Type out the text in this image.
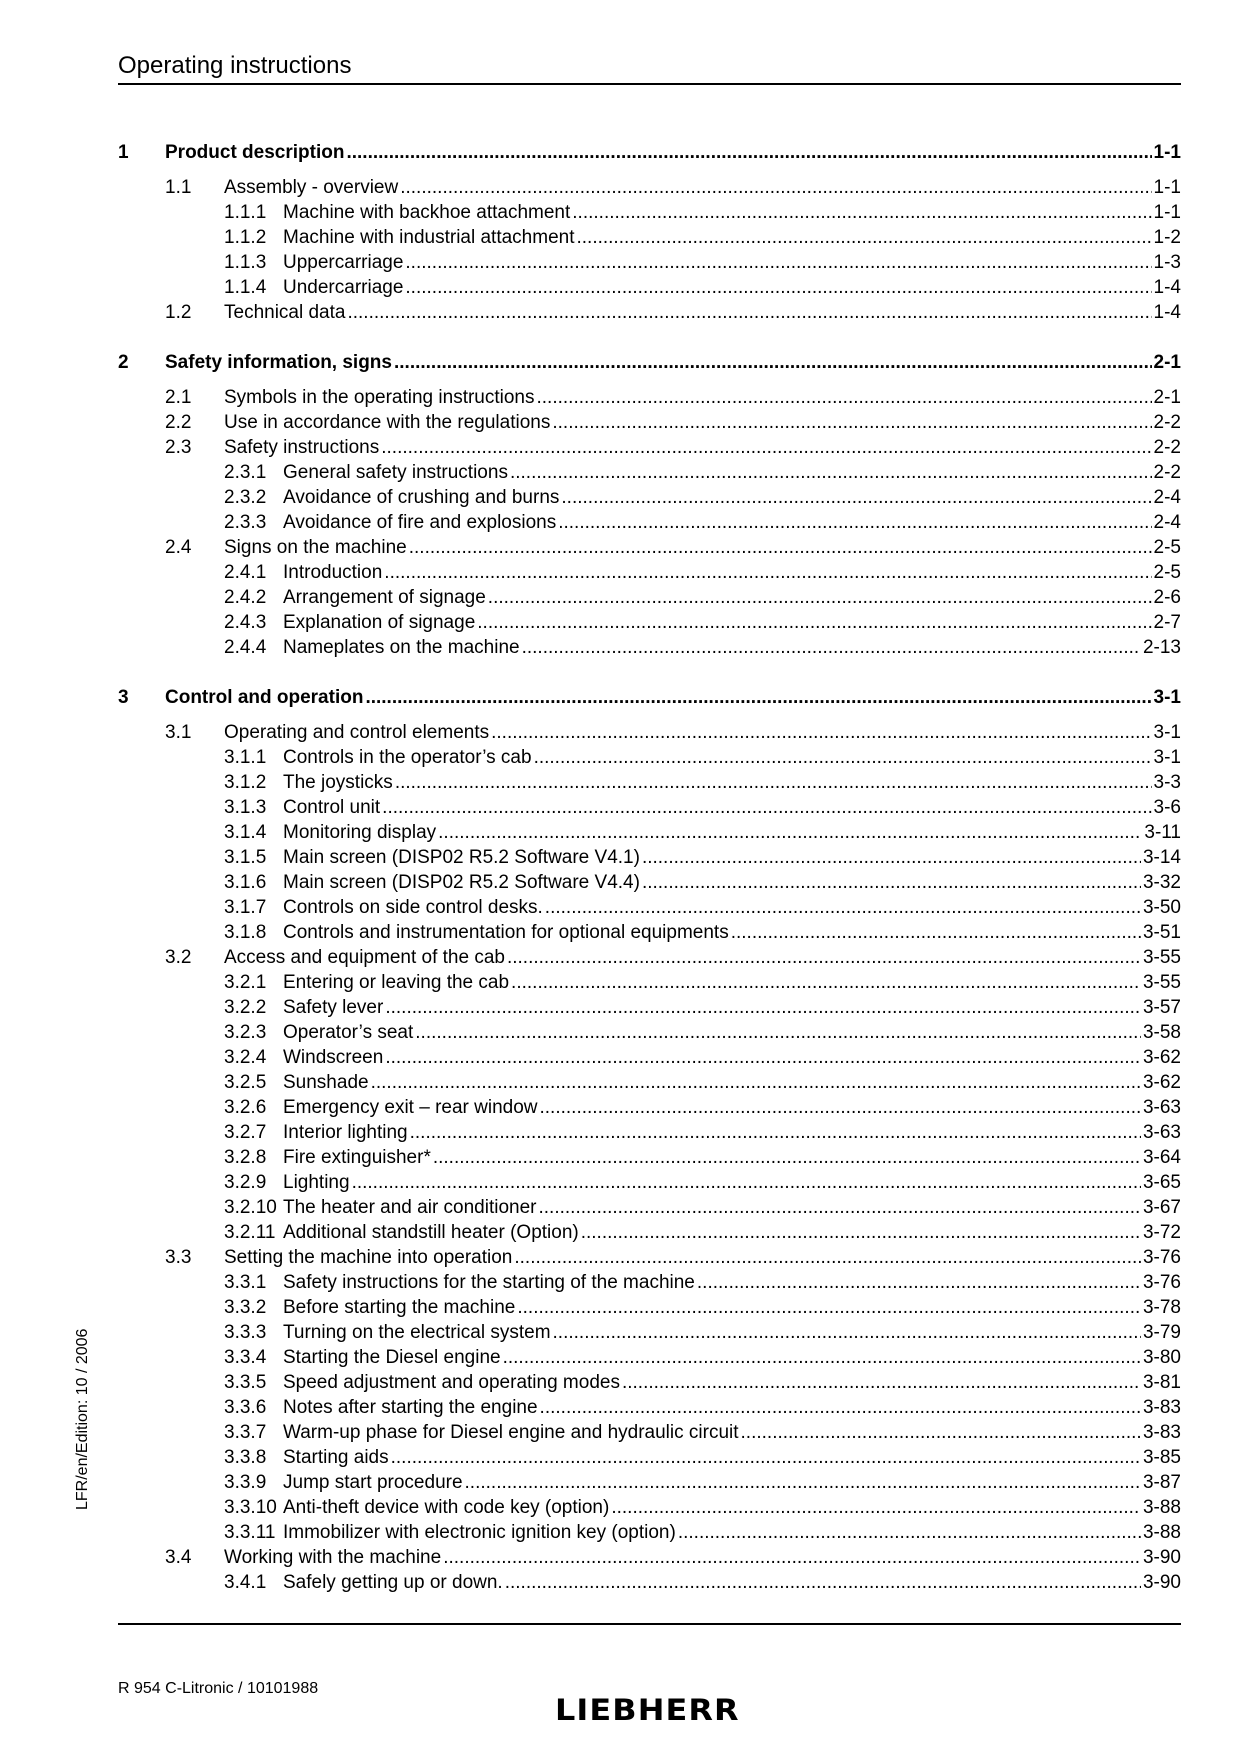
Operating instructions
1	Product description .....	1-1
1.1	Assembly - overview .....	1-1
1.1.1 Machine with backhoe attachment .....	1-1
1.1.2 Machine with industrial attachment .....	1-2
1.1.3 Uppercarriage .....	1-3
1.1.4 Undercarriage .....	1-4
1.2	Technical data .....	1-4
2	Safety information, signs .....	2-1
2.1	Symbols in the operating instructions .....	2-1
2.2	Use in accordance with the regulations .....	2-2
2.3	Safety instructions .....	2-2
2.3.1 General safety instructions .....	2-2
2.3.2 Avoidance of crushing and burns .....	2-4
2.3.3 Avoidance of fire and explosions .....	2-4
2.4	Signs on the machine .....	2-5
2.4.1 Introduction .....	2-5
2.4.2 Arrangement of signage .....	2-6
2.4.3 Explanation of signage .....	2-7
2.4.4 Nameplates on the machine .....	2-13
3	Control and operation .....	3-1
3.1	Operating and control elements .....	3-1
3.1.1 Controls in the operator’s cab .....	3-1
3.1.2 The joysticks .....	3-3
3.1.3 Control unit .....	3-6
3.1.4 Monitoring display .....	3-11
3.1.5 Main screen (DISP02 R5.2 Software V4.1) .....	3-14
3.1.6 Main screen (DISP02 R5.2 Software V4.4) .....	3-32
3.1.7 Controls on side control desks. .....	3-50
3.1.8 Controls and instrumentation for optional equipments .....	3-51
3.2	Access and equipment of the cab .....	3-55
3.2.1 Entering or leaving the cab .....	3-55
3.2.2 Safety lever .....	3-57
3.2.3 Operator’s seat .....	3-58
3.2.4 Windscreen .....	3-62
3.2.5 Sunshade .....	3-62
3.2.6 Emergency exit – rear window .....	3-63
3.2.7 Interior lighting .....	3-63
3.2.8 Fire extinguisher* .....	3-64
3.2.9 Lighting .....	3-65
3.2.10 The heater and air conditioner .....	3-67
3.2.11 Additional standstill heater (Option) .....	3-72
3.3	Setting the machine into operation .....	3-76
3.3.1 Safety instructions for the starting of the machine .....	3-76
3.3.2 Before starting the machine .....	3-78
3.3.3 Turning on the electrical system .....	3-79
3.3.4 Starting the Diesel engine .....	3-80
3.3.5 Speed adjustment and operating modes .....	3-81
3.3.6 Notes after starting the engine .....	3-83
3.3.7 Warm-up phase for Diesel engine and hydraulic circuit .....	3-83
3.3.8 Starting aids .....	3-85
3.3.9 Jump start procedure .....	3-87
3.3.10 Anti-theft device with code key (option) .....	3-88
3.3.11 Immobilizer with electronic ignition key (option) .....	3-88
3.4	Working with the machine .....	3-90
3.4.1 Safely getting up or down. .....	3-90
LFR/en/Edition: 10 / 2006
R 954 C-Litronic / 10101988
LIEBHERR
